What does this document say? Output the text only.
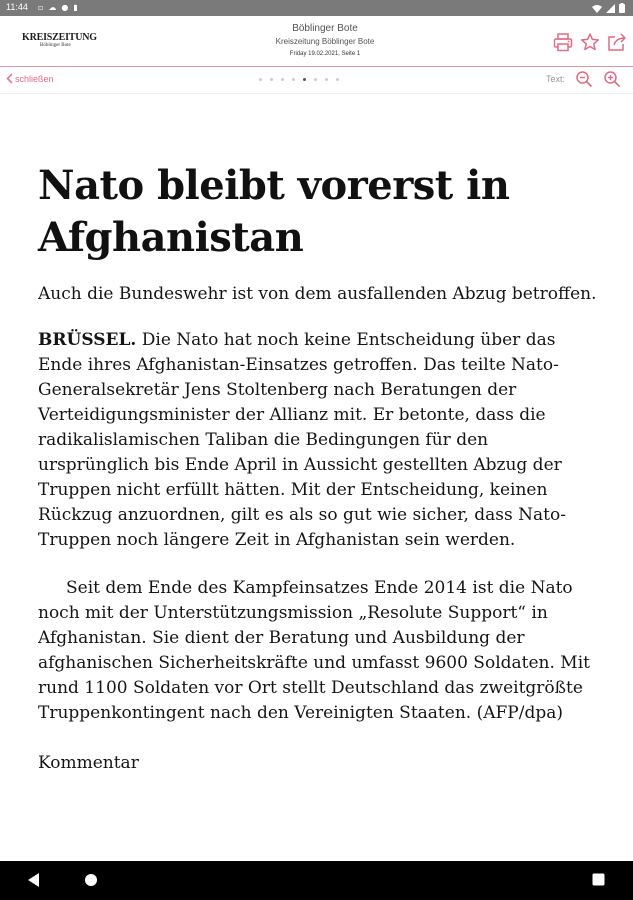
11:44 ▫ ☁ ● ▮
KREISZEITUNG
Böblinger Bote
Böblinger Bote
Kreiszeitung Böblinger Bote
Friday 19.02.2021, Seite 1
schließen	Text:
Nato bleibt vorerst in Afghanistan

Auch die Bundeswehr ist von dem ausfallenden Abzug betroffen.

BRÜSSEL. Die Nato hat noch keine Entscheidung über das Ende ihres Afghanistan-Einsatzes getroffen. Das teilte Nato-Generalsekretär Jens Stoltenberg nach Beratungen der Verteidigungsminister der Allianz mit. Er betonte, dass die radikalislamischen Taliban die Bedingungen für den ursprünglich bis Ende April in Aussicht gestellten Abzug der Truppen nicht erfüllt hätten. Mit der Entscheidung, keinen Rückzug anzuordnen, gilt es als so gut wie sicher, dass Nato-Truppen noch längere Zeit in Afghanistan sein werden.

Seit dem Ende des Kampfeinsatzes Ende 2014 ist die Nato noch mit der Unterstützungsmission „Resolute Support“ in Afghanistan. Sie dient der Beratung und Ausbildung der afghanischen Sicherheitskräfte und umfasst 9600 Soldaten. Mit rund 1100 Soldaten vor Ort stellt Deutschland das zweitgrößte Truppenkontingent nach den Vereinigten Staaten. (AFP/dpa)

Kommentar
